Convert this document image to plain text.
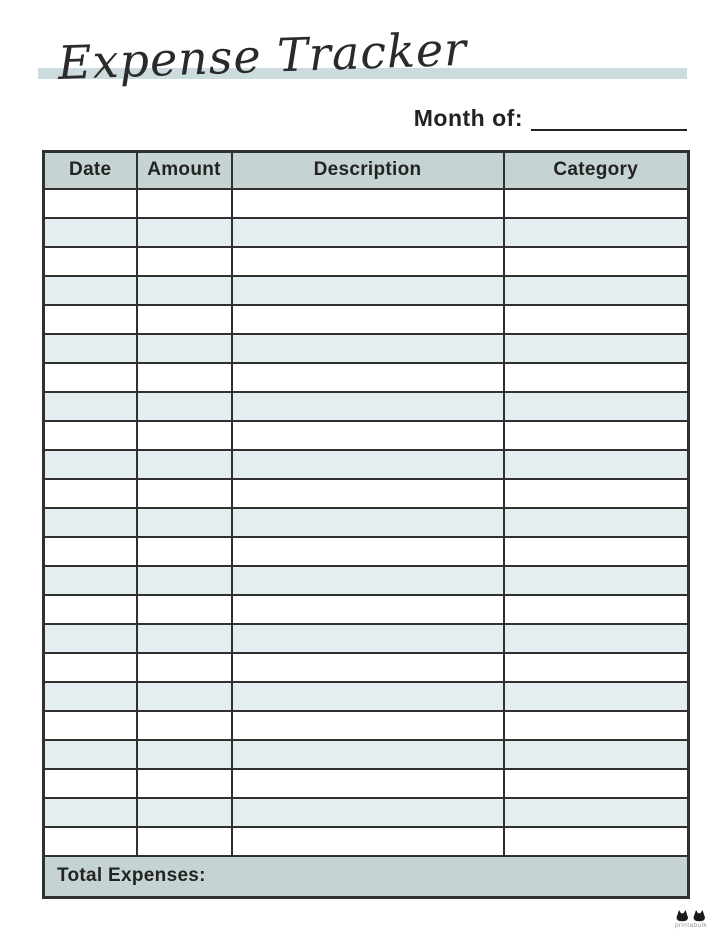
Expense Tracker
Month of:
Date	Amount	Description	Category

Total Expenses:			
printabulk
